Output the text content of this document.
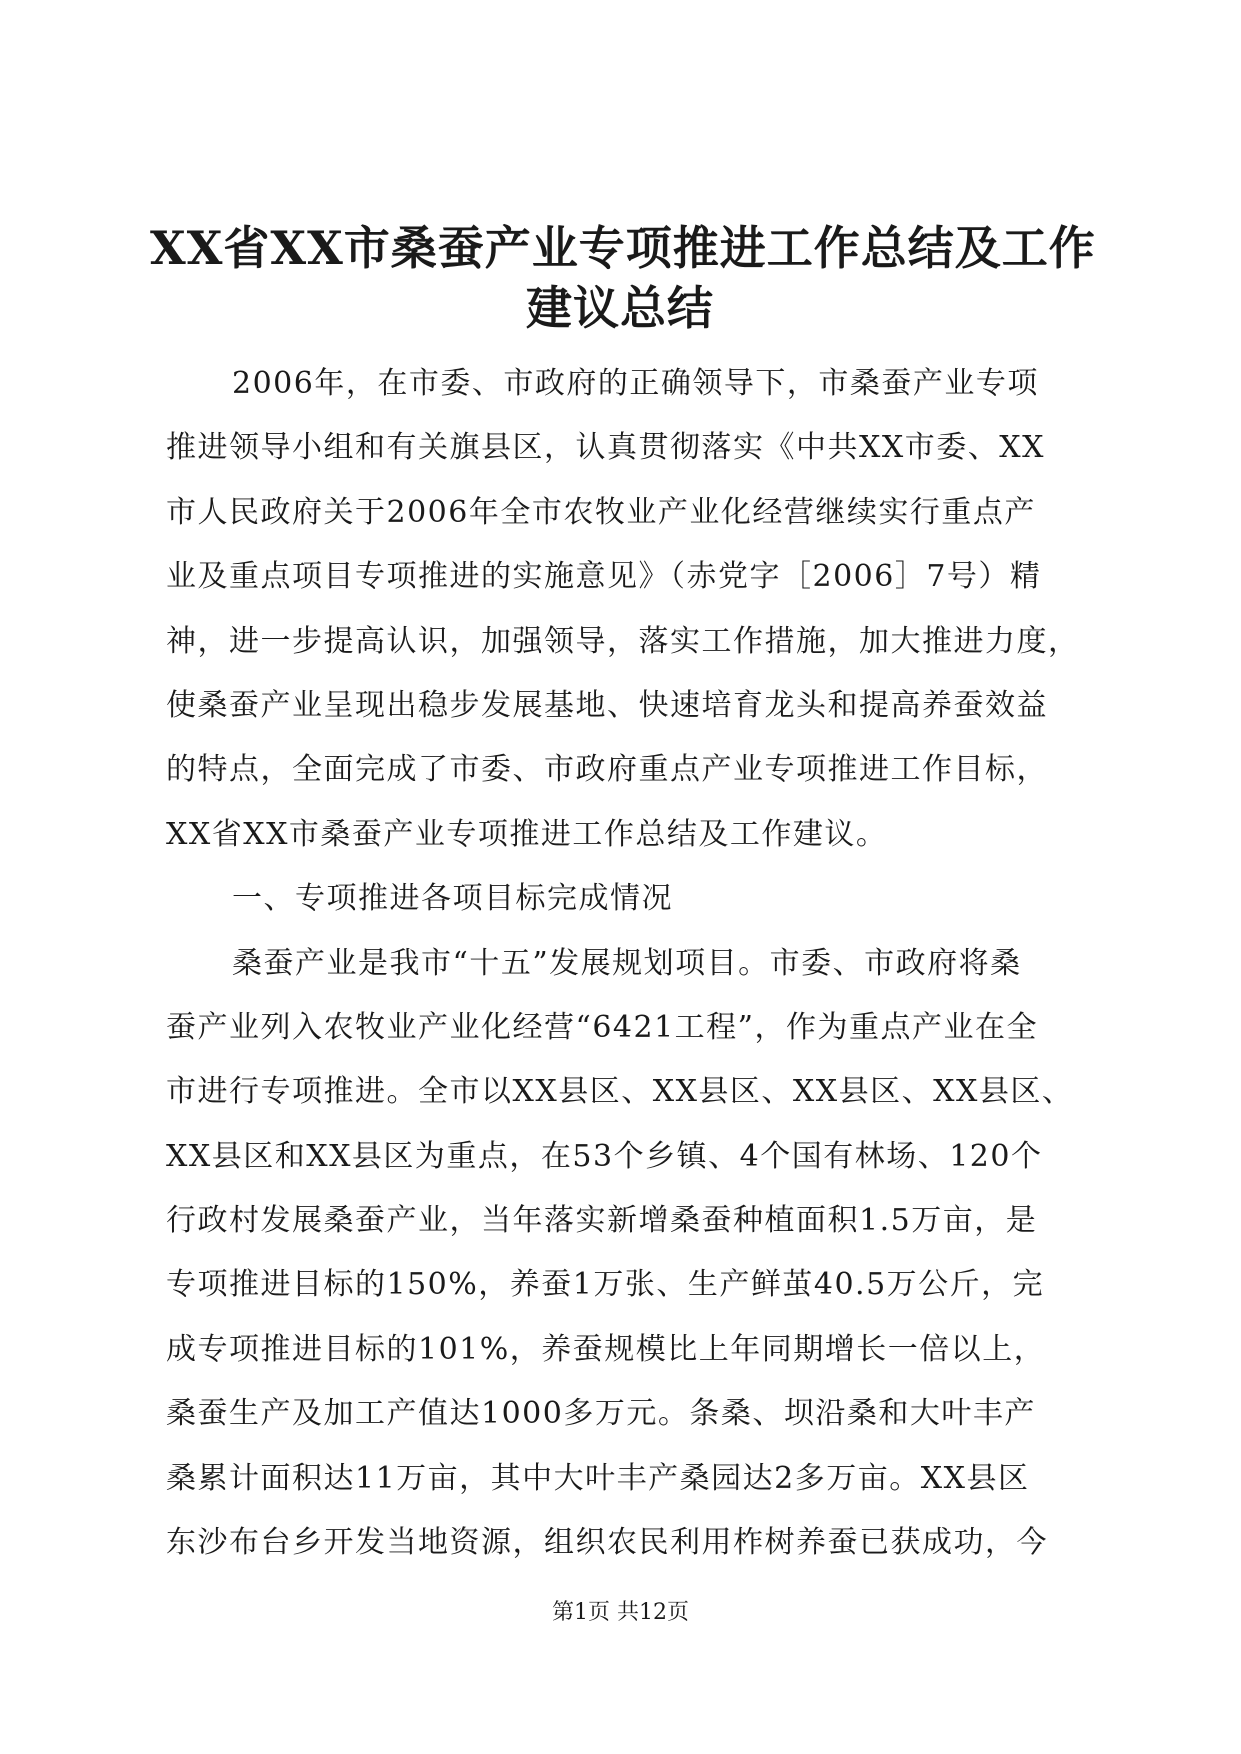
XX省XX市桑蚕产业专项推进工作总结及工作
建议总结
2006年，在市委、市政府的正确领导下，市桑蚕产业专项
推进领导小组和有关旗县区，认真贯彻落实《中共XX市委、XX
市人民政府关于2006年全市农牧业产业化经营继续实行重点产
业及重点项目专项推进的实施意见》（赤党字［2006］7号）精
神，进一步提高认识，加强领导，落实工作措施，加大推进力度，
使桑蚕产业呈现出稳步发展基地、快速培育龙头和提高养蚕效益
的特点，全面完成了市委、市政府重点产业专项推进工作目标，
XX省XX市桑蚕产业专项推进工作总结及工作建议。
一、专项推进各项目标完成情况
桑蚕产业是我市“十五”发展规划项目。市委、市政府将桑
蚕产业列入农牧业产业化经营“6421工程”，作为重点产业在全
市进行专项推进。全市以XX县区、XX县区、XX县区、XX县区、
XX县区和XX县区为重点，在53个乡镇、4个国有林场、120个
行政村发展桑蚕产业，当年落实新增桑蚕种植面积1.5万亩，是
专项推进目标的150%，养蚕1万张、生产鲜茧40.5万公斤，完
成专项推进目标的101%，养蚕规模比上年同期增长一倍以上，
桑蚕生产及加工产值达1000多万元。条桑、坝沿桑和大叶丰产
桑累计面积达11万亩，其中大叶丰产桑园达2多万亩。XX县区
东沙布台乡开发当地资源，组织农民利用柞树养蚕已获成功，今
第1页 共12页
